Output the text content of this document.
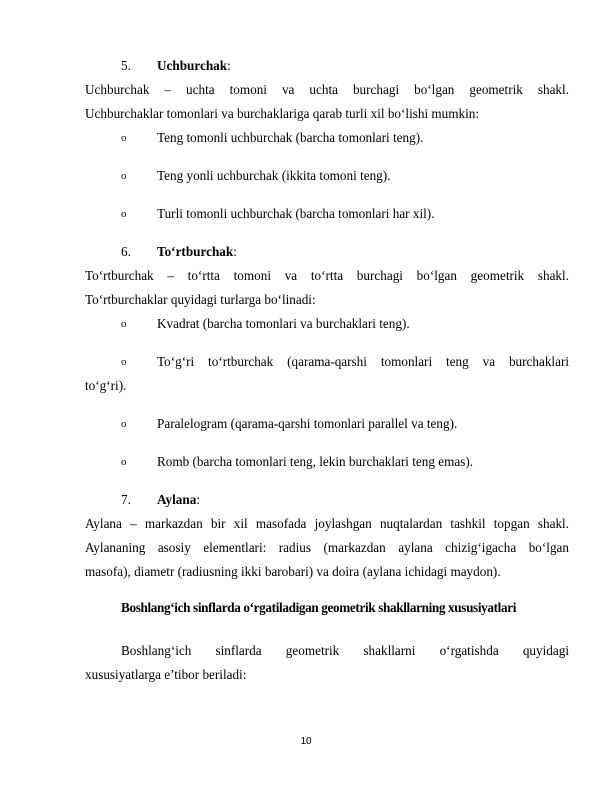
5. Uchburchak:
Uchburchak – uchta tomoni va uchta burchagi bo‘lgan geometrik shakl.
Uchburchaklar tomonlari va burchaklariga qarab turli xil bo‘lishi mumkin:
o Teng tomonli uchburchak (barcha tomonlari teng).
o Teng yonli uchburchak (ikkita tomoni teng).
o Turli tomonli uchburchak (barcha tomonlari har xil).
6. To‘rtburchak:
To‘rtburchak – to‘rtta tomoni va to‘rtta burchagi bo‘lgan geometrik shakl.
To‘rtburchaklar quyidagi turlarga bo‘linadi:
o Kvadrat (barcha tomonlari va burchaklari teng).
o To‘g‘ri to‘rtburchak (qarama-qarshi tomonlari teng va burchaklari
to‘g‘ri).
o Paralelogram (qarama-qarshi tomonlari parallel va teng).
o Romb (barcha tomonlari teng, lekin burchaklari teng emas).
7. Aylana:
Aylana – markazdan bir xil masofada joylashgan nuqtalardan tashkil topgan shakl.
Aylananing asosiy elementlari: radius (markazdan aylana chizig‘igacha bo‘lgan
masofa), diametr (radiusning ikki barobari) va doira (aylana ichidagi maydon).
Boshlang‘ich sinflarda o‘rgatiladigan geometrik shakllarning xususiyatlari
Boshlang‘ich sinflarda geometrik shakllarni o‘rgatishda quyidagi
xususiyatlarga e’tibor beriladi:
10
